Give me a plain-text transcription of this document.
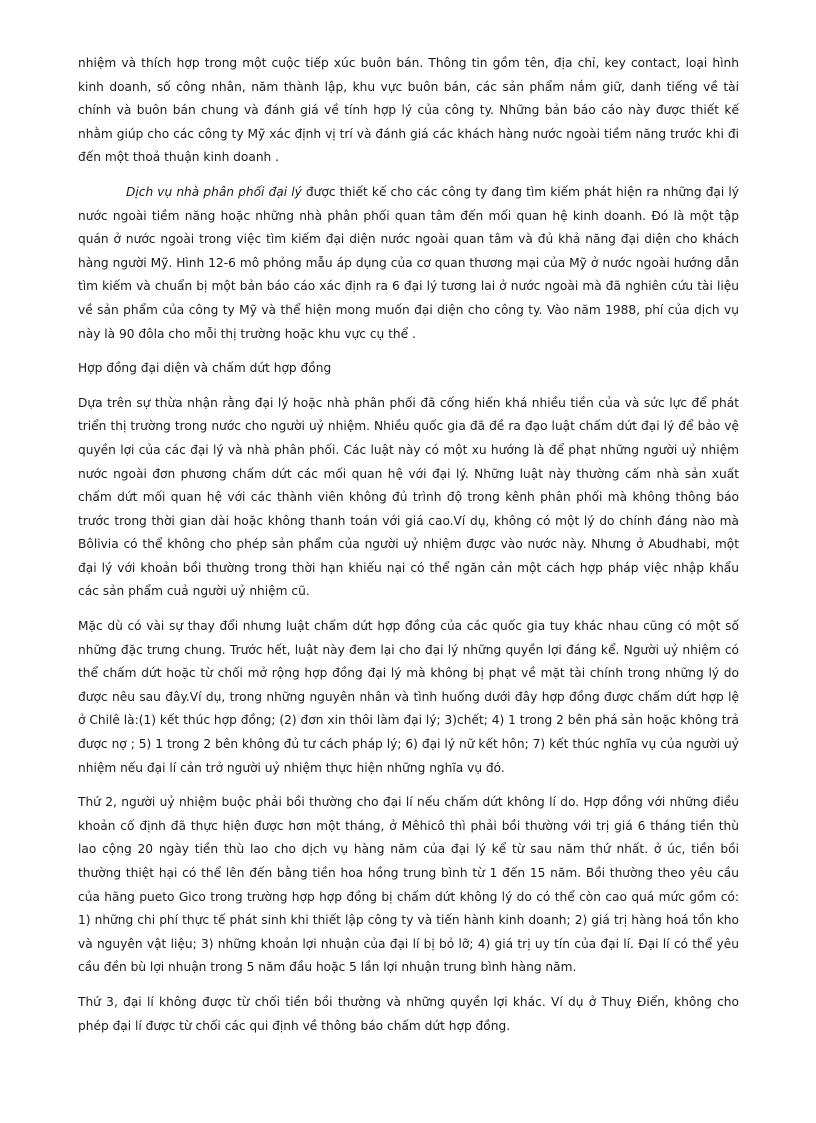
nhiệm và thích hợp trong một cuộc tiếp xúc buôn bán. Thông tin gồm tên, địa chỉ, key contact, loại hình kinh doanh, số công nhân, năm thành lập, khu vực buôn bán, các sản phẩm nắm giữ, danh tiếng về tài chính và buôn bán chung và đánh giá về tính hợp lý của công ty. Những bản báo cáo này được thiết kế nhằm giúp cho các công ty Mỹ xác định vị trí và đánh giá các khách hàng nước ngoài tiềm năng trước khi đi đến một thoả thuận kinh doanh .

Dịch vụ nhà phân phối đại lý được thiết kế cho các công ty đang tìm kiếm phát hiện ra những đại lý nước ngoài tiềm năng hoặc những nhà phân phối quan tâm đến mối quan hệ kinh doanh. Đó là một tập quán ở nước ngoài trong việc tìm kiếm đại diện nước ngoài quan tâm và đủ khả năng đại diện cho khách hàng người Mỹ. Hình 12-6 mô phỏng mẫu áp dụng của cơ quan thương mại của Mỹ ở nước ngoài hướng dẫn tìm kiếm và chuẩn bị một bản báo cáo xác định ra 6 đại lý tương lai ở nước ngoài mà đã nghiên cứu tài liệu về sản phẩm của công ty Mỹ và thể hiện mong muốn đại diện cho công ty. Vào năm 1988, phí của dịch vụ này là 90 đôla cho mỗi thị trường hoặc khu vực cụ thể .

Hợp đồng đại diện và chấm dứt hợp đồng

Dựa trên sự thừa nhận rằng đại lý hoặc nhà phân phối đã cống hiến khá nhiều tiền của và sức lực để phát triển thị trường trong nước cho người uỷ nhiệm. Nhiều quốc gia đã đề ra đạo luật chấm dứt đại lý để bảo vệ quyền lợi của các đại lý và nhà phân phối. Các luật này có một xu hướng là để phạt những người uỷ nhiệm nước ngoài đơn phương chấm dứt các mối quan hệ với đại lý. Những luật này thường cấm nhà sản xuất chấm dứt mối quan hệ với các thành viên không đủ trình độ trong kênh phân phối mà không thông báo trước trong thời gian dài hoặc không thanh toán với giá cao.Ví dụ, không có một lý do chính đáng nào mà Bôlivia có thể không cho phép sản phẩm của người uỷ nhiệm được vào nước này. Nhưng ở Abudhabi, một đại lý với khoản bồi thường trong thời hạn khiếu nại có thể ngăn cản một cách hợp pháp việc nhập khẩu các sản phẩm cuả người uỷ nhiệm cũ.

Mặc dù có vài sự thay đổi nhưng luật chấm dứt hợp đồng của các quốc gia tuy khác nhau cũng có một số những đặc trưng chung. Trước hết, luật này đem lại cho đại lý những quyền lợi đáng kể. Người uỷ nhiệm có thể chấm dứt hoặc từ chối mở rộng hợp đồng đại lý mà không bị phạt về mặt tài chính trong những lý do được nêu sau đây.Ví dụ, trong những nguyên nhân và tình huống dưới đây hợp đồng được chấm dứt hợp lệ ở Chilê là:(1) kết thúc hợp đồng; (2) đơn xin thôi làm đại lý; 3)chết; 4) 1 trong 2 bên phá sản hoặc không trả được nợ ; 5) 1 trong 2 bên không đủ tư cách pháp lý; 6) đại lý nữ kết hôn; 7) kết thúc nghĩa vụ của người uỷ nhiệm nếu đại lí cản trở người uỷ nhiệm thực hiện những nghĩa vụ đó.

Thứ 2, người uỷ nhiệm buộc phải bồi thường cho đại lí nếu chấm dứt không lí do. Hợp đồng với những điều khoản cố định đã thực hiện được hơn một tháng, ở Mêhicô thì phải bồi thường với trị giá 6 tháng tiền thù lao cộng 20 ngày tiền thù lao cho dịch vụ hàng năm của đại lý kể từ sau năm thứ nhất. ở úc, tiền bồi thường thiệt hại có thể lên đến bằng tiền hoa hồng trung bình từ 1 đến 15 năm. Bồi thường theo yêu cầu của hãng pueto Gico trong trường hợp hợp đồng bị chấm dứt không lý do có thể còn cao quá mức gồm có: 1) những chi phí thực tế phát sinh khi thiết lập công ty và tiến hành kinh doanh; 2) giá trị hàng hoá tồn kho và nguyên vật liệu; 3) những khoản lợi nhuận của đại lí bị bỏ lỡ; 4) giá trị uy tín của đại lí. Đại lí có thể yêu cầu đền bù lợi nhuận trong 5 năm đầu hoặc 5 lần lợi nhuận trung bình hàng năm.

Thứ 3, đại lí không được từ chối tiền bồi thường và những quyền lợi khác. Ví dụ ở Thuỵ Điển, không cho phép đại lí được từ chối các qui định về thông báo chấm dứt hợp đồng.
